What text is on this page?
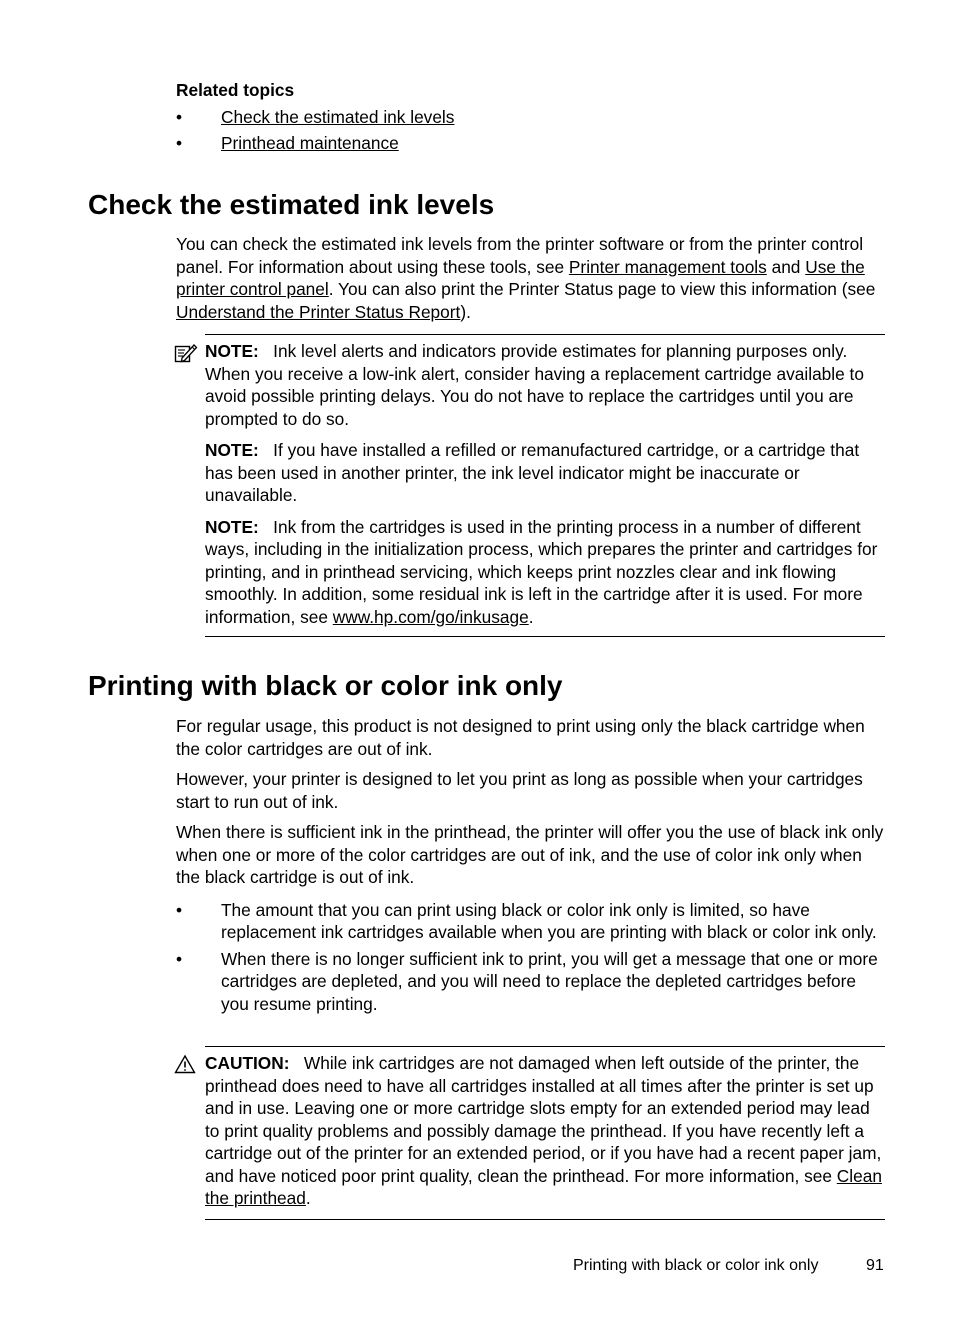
Related topics
• Check the estimated ink levels
• Printhead maintenance
Check the estimated ink levels

You can check the estimated ink levels from the printer software or from the printer control panel. For information about using these tools, see Printer management tools and Use the printer control panel. You can also print the Printer Status page to view this information (see Understand the Printer Status Report).

NOTE: Ink level alerts and indicators provide estimates for planning purposes only. When you receive a low-ink alert, consider having a replacement cartridge available to avoid possible printing delays. You do not have to replace the cartridges until you are prompted to do so.

NOTE: If you have installed a refilled or remanufactured cartridge, or a cartridge that has been used in another printer, the ink level indicator might be inaccurate or unavailable.

NOTE: Ink from the cartridges is used in the printing process in a number of different ways, including in the initialization process, which prepares the printer and cartridges for printing, and in printhead servicing, which keeps print nozzles clear and ink flowing smoothly. In addition, some residual ink is left in the cartridge after it is used. For more information, see www.hp.com/go/inkusage.

Printing with black or color ink only

For regular usage, this product is not designed to print using only the black cartridge when the color cartridges are out of ink.

However, your printer is designed to let you print as long as possible when your cartridges start to run out of ink.

When there is sufficient ink in the printhead, the printer will offer you the use of black ink only when one or more of the color cartridges are out of ink, and the use of color ink only when the black cartridge is out of ink.

• The amount that you can print using black or color ink only is limited, so have replacement ink cartridges available when you are printing with black or color ink only.
• When there is no longer sufficient ink to print, you will get a message that one or more cartridges are depleted, and you will need to replace the depleted cartridges before you resume printing.

CAUTION: While ink cartridges are not damaged when left outside of the printer, the printhead does need to have all cartridges installed at all times after the printer is set up and in use. Leaving one or more cartridge slots empty for an extended period may lead to print quality problems and possibly damage the printhead. If you have recently left a cartridge out of the printer for an extended period, or if you have had a recent paper jam, and have noticed poor print quality, clean the printhead. For more information, see Clean the printhead.

Printing with black or color ink only	91
